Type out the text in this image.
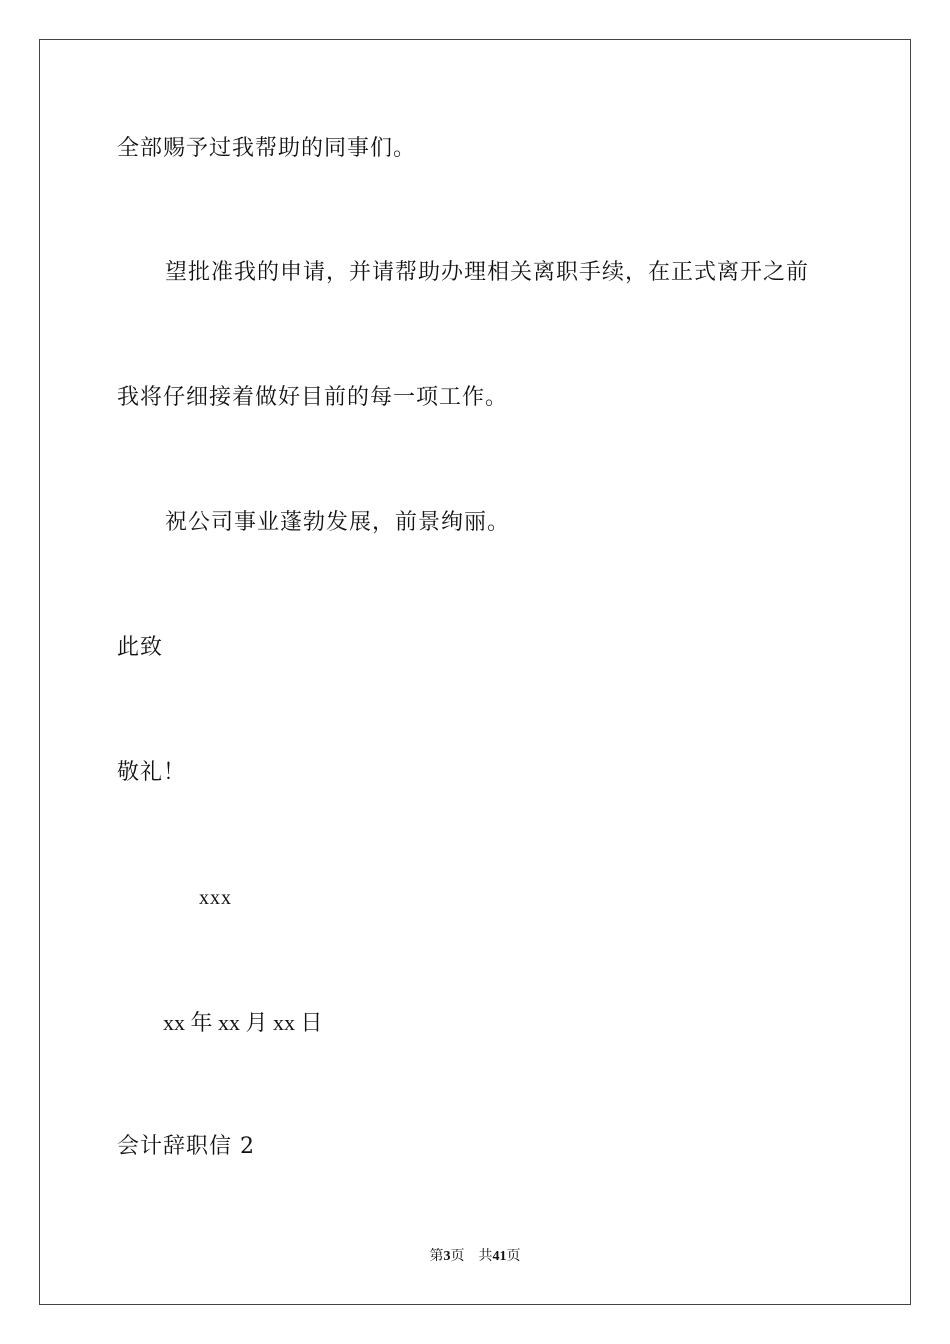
全部赐予过我帮助的同事们。
望批准我的申请，并请帮助办理相关离职手续，在正式离开之前
我将仔细接着做好目前的每一项工作。
祝公司事业蓬勃发展，前景绚丽。
此致
敬礼！
xxx
xx 年 xx 月 xx 日
会计辞职信 2
第3页 共41页
